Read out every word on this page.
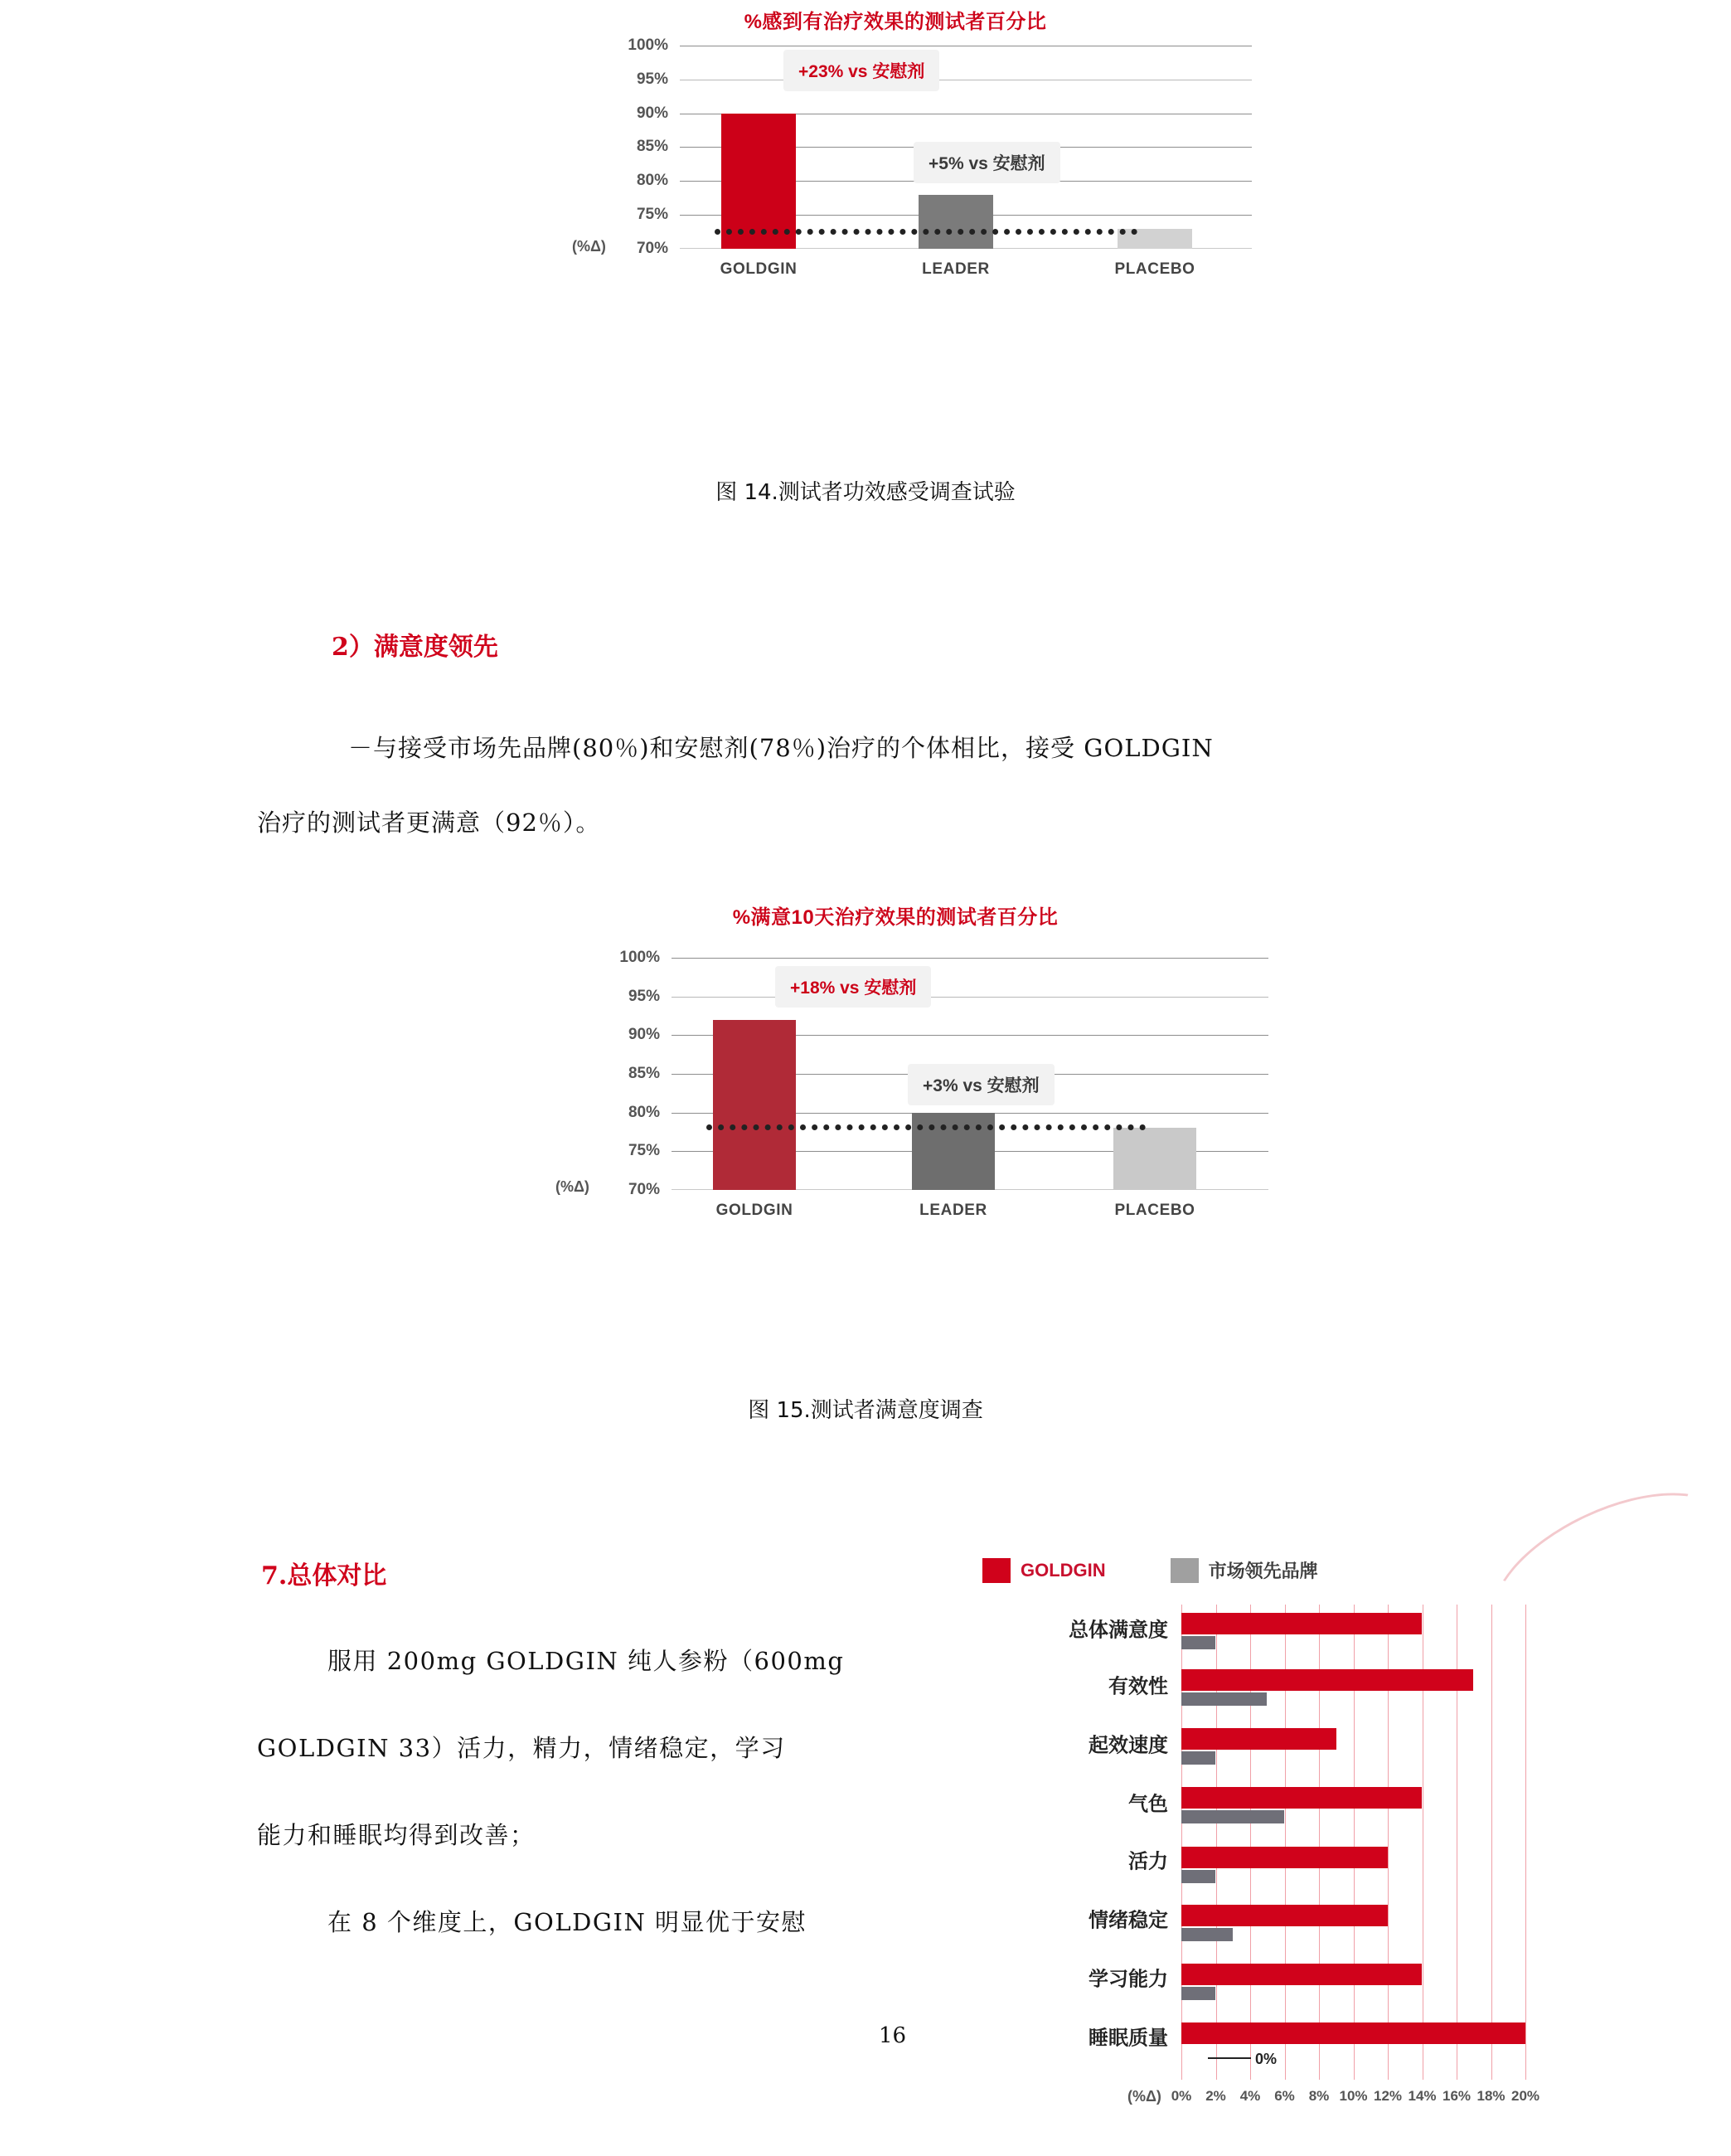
%感到有治疗效果的测试者百分比
100%
95%
90%
85%
80%
75%
70%
(%Δ)
GOLDGIN	LEADER	PLACEBO
+23% vs 安慰剂
+5% vs 安慰剂
图 14.测试者功效感受调查试验
2）满意度领先
－与接受市场先品牌(80％)和安慰剂(78％)治疗的个体相比，接受 GOLDGIN
治疗的测试者更满意（92％）。
%满意10天治疗效果的测试者百分比
100%
95%
90%
85%
80%
75%
70%
(%Δ)
GOLDGIN	LEADER	PLACEBO
+18% vs 安慰剂
+3% vs 安慰剂
图 15.测试者满意度调查
7.总体对比
服用 200mg GOLDGIN 纯人参粉（600mg
GOLDGIN 33）活力，精力，情绪稳定，学习
能力和睡眠均得到改善；
在 8 个维度上，GOLDGIN 明显优于安慰
16
GOLDGIN	市场领先品牌
总体满意度
有效性
起效速度
气色
活力
情绪稳定
学习能力
睡眠质量
0%
0% 2% 4% 6% 8% 10% 12% 14% 16% 18% 20%
(%Δ)
